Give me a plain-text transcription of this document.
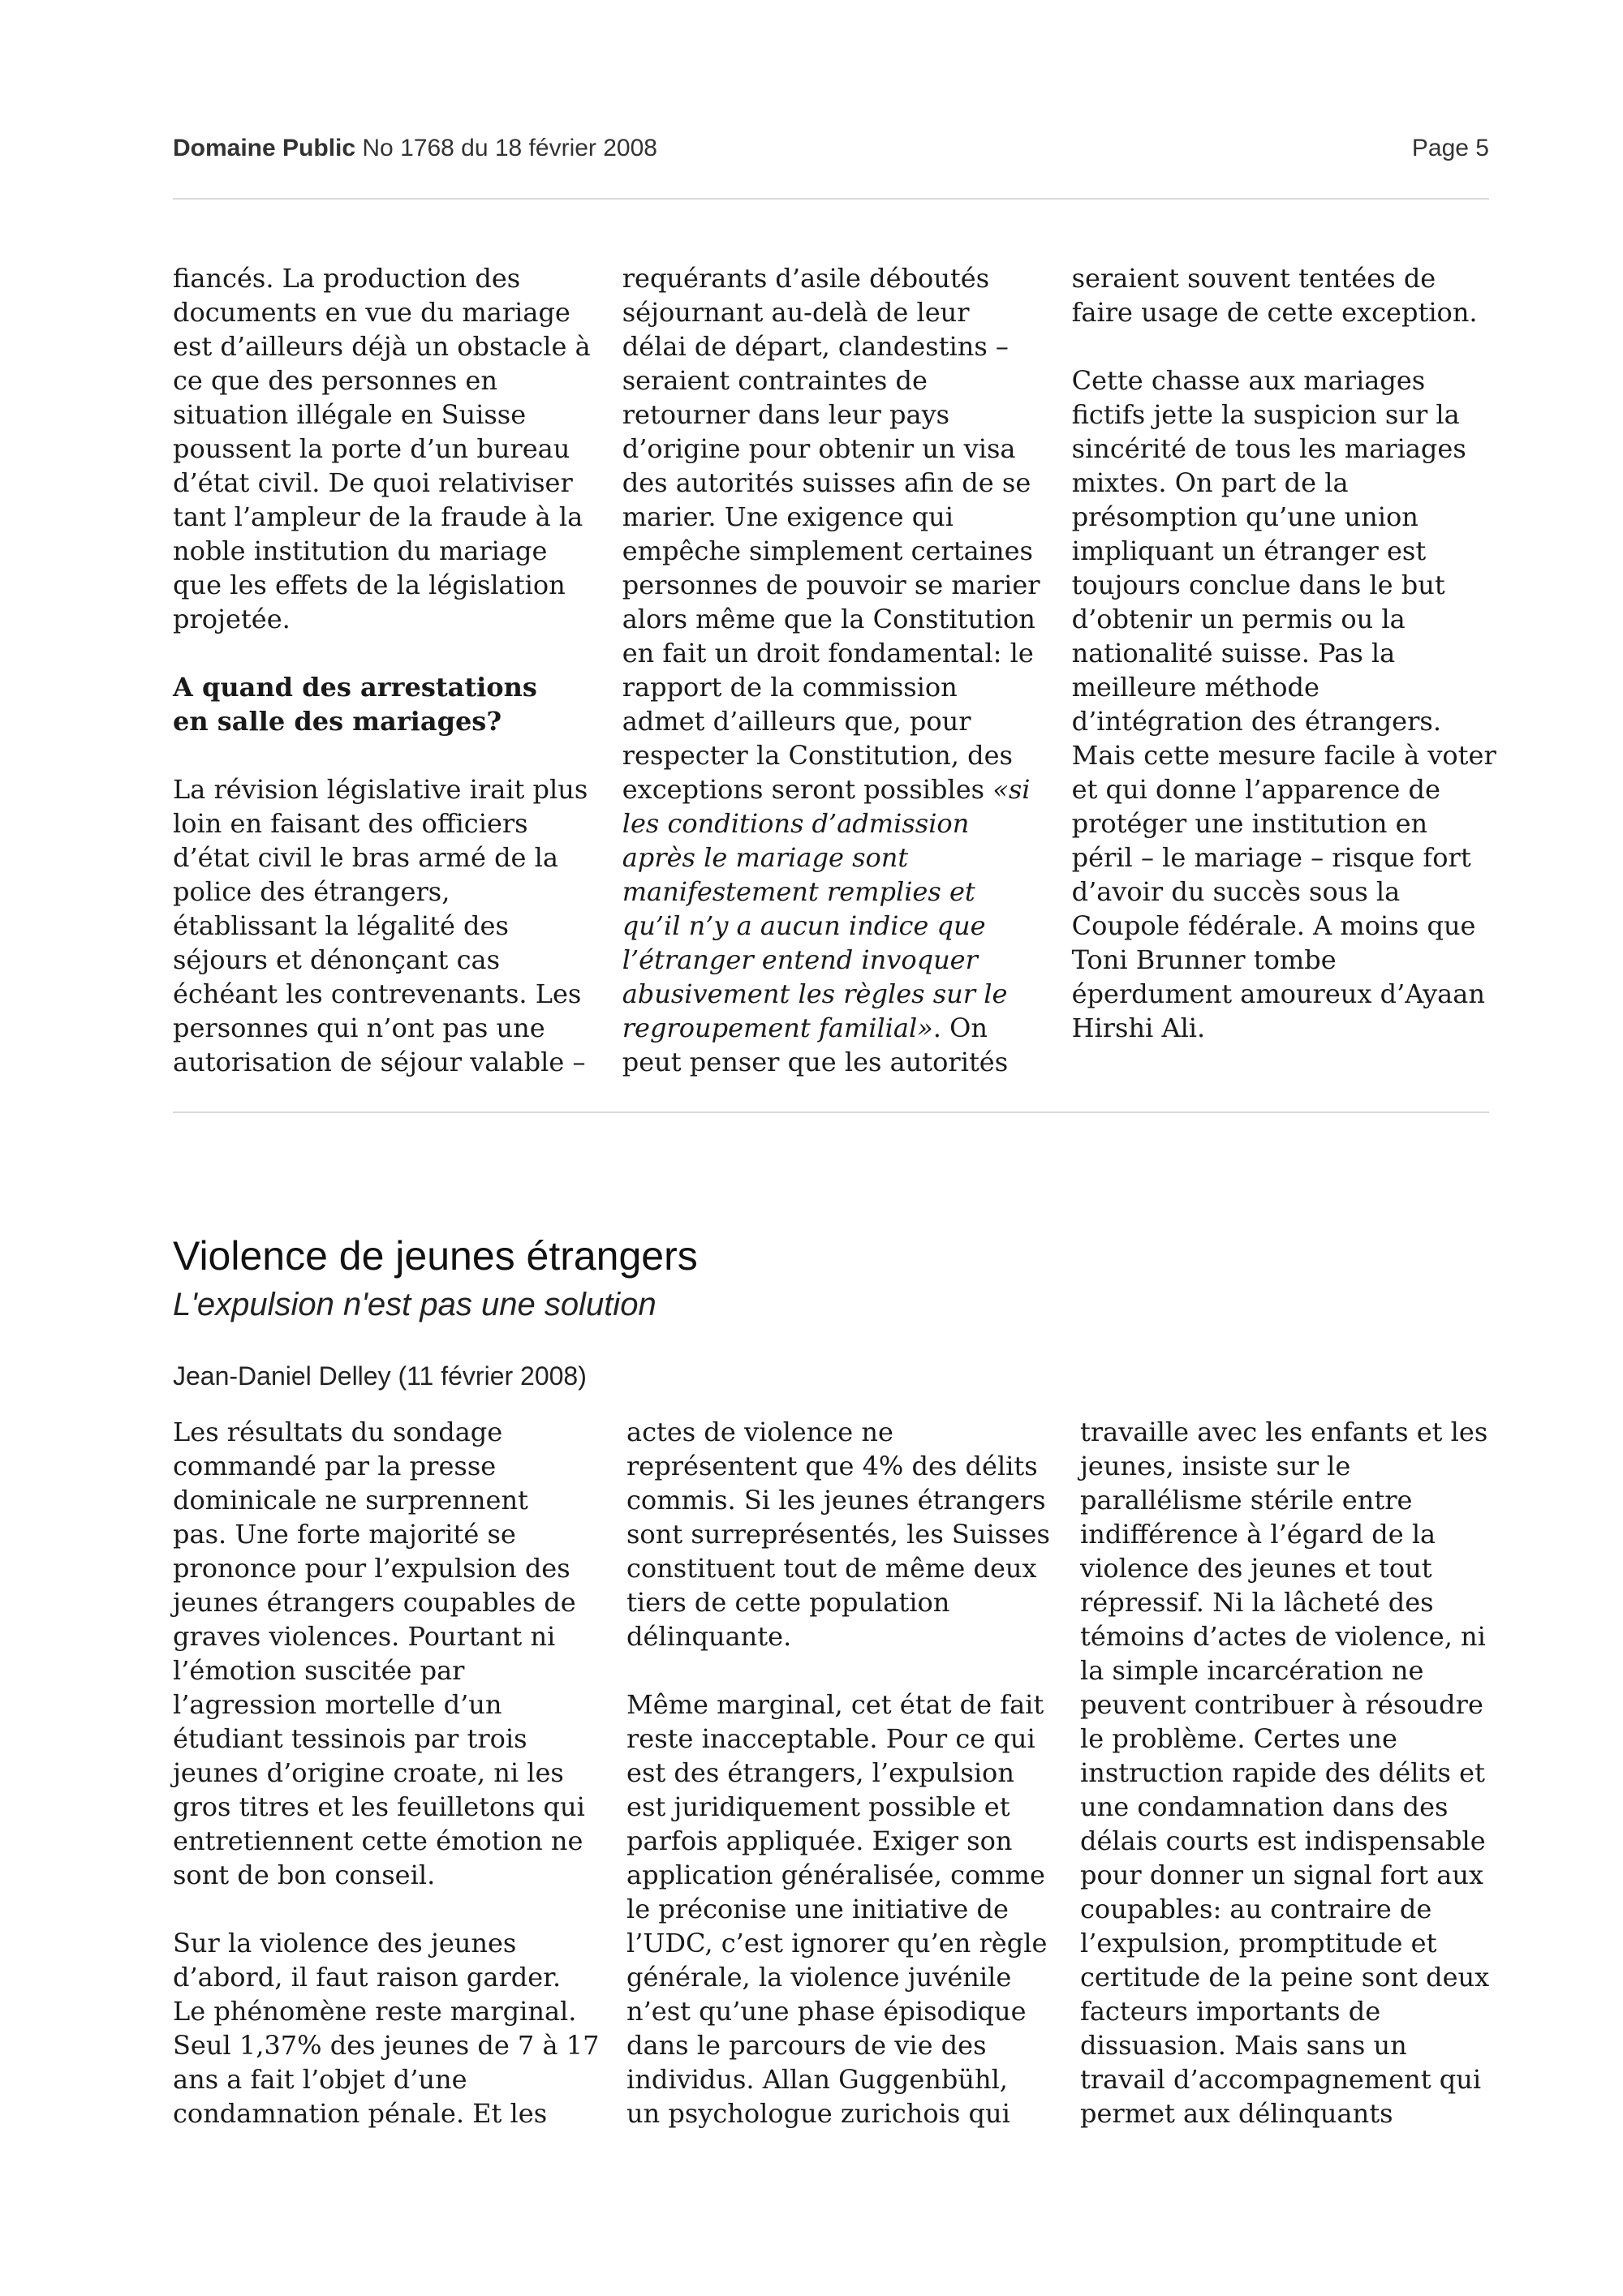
Domaine Public No 1768 du 18 février 2008	Page 5

fiancés. La production des
documents en vue du mariage
est d’ailleurs déjà un obstacle à
ce que des personnes en
situation illégale en Suisse
poussent la porte d’un bureau
d’état civil. De quoi relativiser
tant l’ampleur de la fraude à la
noble institution du mariage
que les effets de la législation
projetée.

A quand des arrestations
en salle des mariages?

La révision législative irait plus
loin en faisant des officiers
d’état civil le bras armé de la
police des étrangers,
établissant la légalité des
séjours et dénonçant cas
échéant les contrevenants. Les
personnes qui n’ont pas une
autorisation de séjour valable –

requérants d’asile déboutés
séjournant au-delà de leur
délai de départ, clandestins –
seraient contraintes de
retourner dans leur pays
d’origine pour obtenir un visa
des autorités suisses afin de se
marier. Une exigence qui
empêche simplement certaines
personnes de pouvoir se marier
alors même que la Constitution
en fait un droit fondamental: le
rapport de la commission
admet d’ailleurs que, pour
respecter la Constitution, des
exceptions seront possibles «si
les conditions d’admission
après le mariage sont
manifestement remplies et
qu’il n’y a aucun indice que
l’étranger entend invoquer
abusivement les règles sur le
regroupement familial». On
peut penser que les autorités

seraient souvent tentées de
faire usage de cette exception.

Cette chasse aux mariages
fictifs jette la suspicion sur la
sincérité de tous les mariages
mixtes. On part de la
présomption qu’une union
impliquant un étranger est
toujours conclue dans le but
d’obtenir un permis ou la
nationalité suisse. Pas la
meilleure méthode
d’intégration des étrangers.
Mais cette mesure facile à voter
et qui donne l’apparence de
protéger une institution en
péril – le mariage – risque fort
d’avoir du succès sous la
Coupole fédérale. A moins que
Toni Brunner tombe
éperdument amoureux d’Ayaan
Hirshi Ali.

Violence de jeunes étrangers
L'expulsion n'est pas une solution
Jean-Daniel Delley (11 février 2008)

Les résultats du sondage
commandé par la presse
dominicale ne surprennent
pas. Une forte majorité se
prononce pour l’expulsion des
jeunes étrangers coupables de
graves violences. Pourtant ni
l’émotion suscitée par
l’agression mortelle d’un
étudiant tessinois par trois
jeunes d’origine croate, ni les
gros titres et les feuilletons qui
entretiennent cette émotion ne
sont de bon conseil.

Sur la violence des jeunes
d’abord, il faut raison garder.
Le phénomène reste marginal.
Seul 1,37% des jeunes de 7 à 17
ans a fait l’objet d’une
condamnation pénale. Et les

actes de violence ne
représentent que 4% des délits
commis. Si les jeunes étrangers
sont surreprésentés, les Suisses
constituent tout de même deux
tiers de cette population
délinquante.

Même marginal, cet état de fait
reste inacceptable. Pour ce qui
est des étrangers, l’expulsion
est juridiquement possible et
parfois appliquée. Exiger son
application généralisée, comme
le préconise une initiative de
l’UDC, c’est ignorer qu’en règle
générale, la violence juvénile
n’est qu’une phase épisodique
dans le parcours de vie des
individus. Allan Guggenbühl,
un psychologue zurichois qui

travaille avec les enfants et les
jeunes, insiste sur le
parallélisme stérile entre
indifférence à l’égard de la
violence des jeunes et tout
répressif. Ni la lâcheté des
témoins d’actes de violence, ni
la simple incarcération ne
peuvent contribuer à résoudre
le problème. Certes une
instruction rapide des délits et
une condamnation dans des
délais courts est indispensable
pour donner un signal fort aux
coupables: au contraire de
l’expulsion, promptitude et
certitude de la peine sont deux
facteurs importants de
dissuasion. Mais sans un
travail d’accompagnement qui
permet aux délinquants
